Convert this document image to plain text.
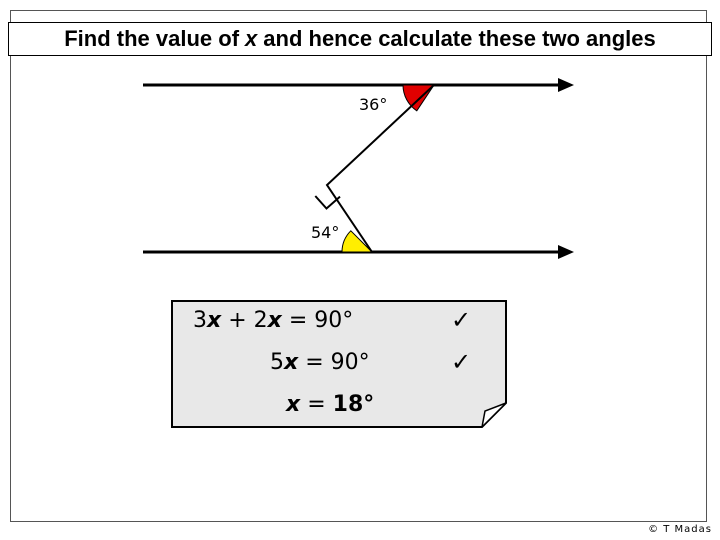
Find the value of x and hence calculate these two angles
36°
54°
3x + 2x = 90°	✓
5x = 90°	✓
x = 18°
© T Madas
